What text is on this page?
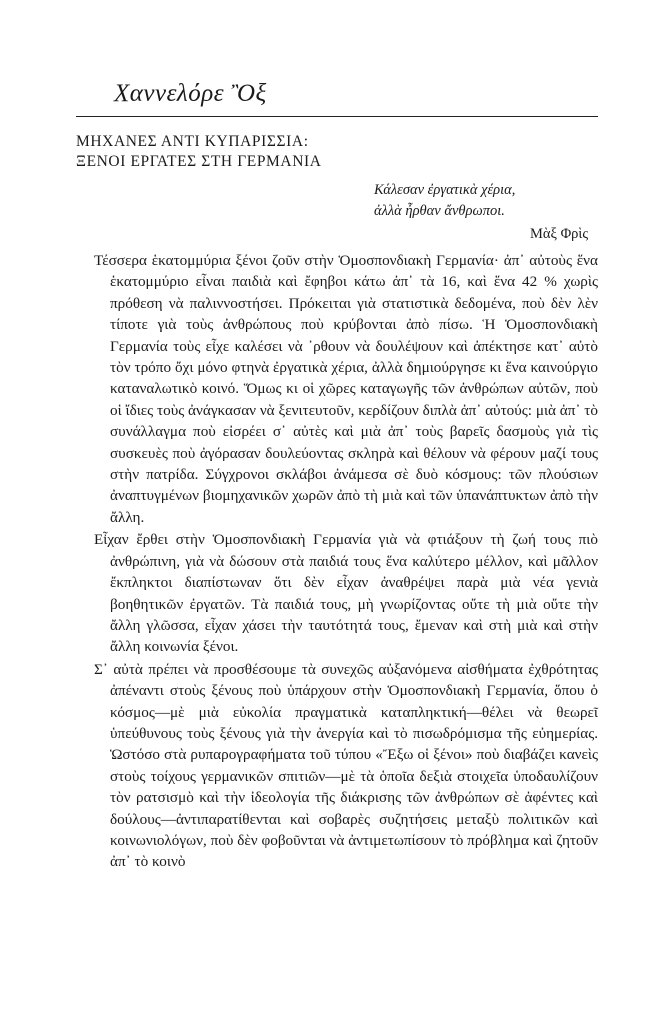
Χαννελόρε Ὂξ
ΜΗΧΑΝΕΣ ΑΝΤΙ ΚΥΠΑΡΙΣΣΙΑ:
ΞΕΝΟΙ ΕΡΓΑΤΕΣ ΣΤΗ ΓΕΡΜΑΝΙΑ
Κάλεσαν ἐργατικὰ χέρια,
ἀλλὰ ἦρθαν ἄνθρωποι.
Μὰξ Φρὶς

Τέσσερα ἑκατομμύρια ξένοι ζοῦν στὴν Ὁμοσπονδιακὴ Γερμανία· ἀπ᾽ αὐτοὺς ἕνα ἑκατομμύριο εἶναι παιδιὰ καὶ ἔφηβοι κάτω ἀπ᾽ τὰ 16, καὶ ἕνα 42 % χωρὶς πρόθεση νὰ παλιννοστήσει. Πρόκειται γιὰ στατιστικὰ δεδομένα, ποὺ δὲν λὲν τίποτε γιὰ τοὺς ἀνθρώπους ποὺ κρύβονται ἀπὸ πίσω. Ἡ Ὁμοσπονδιακὴ Γερμανία τοὺς εἶχε καλέσει νὰ ᾽ρθουν νὰ δουλέψουν καὶ ἀπέκτησε κατ᾽ αὐτὸ τὸν τρόπο ὄχι μόνο φτηνὰ ἐργατικὰ χέρια, ἀλλὰ δημιούργησε κι ἕνα καινούργιο καταναλωτικὸ κοινό. Ὅμως κι οἱ χῶρες καταγωγῆς τῶν ἀνθρώπων αὐτῶν, ποὺ οἱ ἴδιες τοὺς ἀνάγκασαν νὰ ξενιτευτοῦν, κερδίζουν διπλὰ ἀπ᾽ αὐτούς: μιὰ ἀπ᾽ τὸ συνάλλαγμα ποὺ εἰσρέει σ᾽ αὐτὲς καὶ μιὰ ἀπ᾽ τοὺς βαρεῖς δασμοὺς γιὰ τὶς συσκευὲς ποὺ ἀγόρασαν δουλεύοντας σκληρὰ καὶ θέλουν νὰ φέρουν μαζί τους στὴν πατρίδα. Σύγχρονοι σκλάβοι ἀνάμεσα σὲ δυὸ κόσμους: τῶν πλούσιων ἀναπτυγμένων βιομηχανικῶν χωρῶν ἀπὸ τὴ μιὰ καὶ τῶν ὑπανάπτυκτων ἀπὸ τὴν ἄλλη.

Εἶχαν ἔρθει στὴν Ὁμοσπονδιακὴ Γερμανία γιὰ νὰ φτιάξουν τὴ ζωή τους πιὸ ἀνθρώπινη, γιὰ νὰ δώσουν στὰ παιδιά τους ἕνα καλύτερο μέλλον, καὶ μᾶλλον ἔκπληκτοι διαπίστωναν ὅτι δὲν εἶχαν ἀναθρέψει παρὰ μιὰ νέα γενιὰ βοηθητικῶν ἐργατῶν. Τὰ παιδιά τους, μὴ γνωρίζοντας οὔτε τὴ μιὰ οὔτε τὴν ἄλλη γλῶσσα, εἶχαν χάσει τὴν ταυτότητά τους, ἔμεναν καὶ στὴ μιὰ καὶ στὴν ἄλλη κοινωνία ξένοι.

Σ᾽ αὐτὰ πρέπει νὰ προσθέσουμε τὰ συνεχῶς αὐξανόμενα αἰσθήματα ἐχθρότητας ἀπέναντι στοὺς ξένους ποὺ ὑπάρχουν στὴν Ὁμοσπονδιακὴ Γερμανία, ὅπου ὁ κόσμος—μὲ μιὰ εὐκολία πραγματικὰ καταπληκτική—θέλει νὰ θεωρεῖ ὑπεύθυνους τοὺς ξένους γιὰ τὴν ἀνεργία καὶ τὸ πισωδρόμισμα τῆς εὐημερίας. Ὡστόσο στὰ ρυπαρογραφήματα τοῦ τύπου «Ἔξω οἱ ξένοι» ποὺ διαβάζει κανεὶς στοὺς τοίχους γερμανικῶν σπιτιῶν—μὲ τὰ ὁποῖα δεξιὰ στοιχεῖα ὑποδαυλίζουν τὸν ρατσισμὸ καὶ τὴν ἰδεολογία τῆς διάκρισης τῶν ἀνθρώπων σὲ ἀφέντες καὶ δούλους—ἀντιπαρατίθενται καὶ σοβαρὲς συζητήσεις μεταξὺ πολιτικῶν καὶ κοινωνιολόγων, ποὺ δὲν φοβοῦνται νὰ ἀντιμετωπίσουν τὸ πρόβλημα καὶ ζητοῦν ἀπ᾽ τὸ κοινὸ
